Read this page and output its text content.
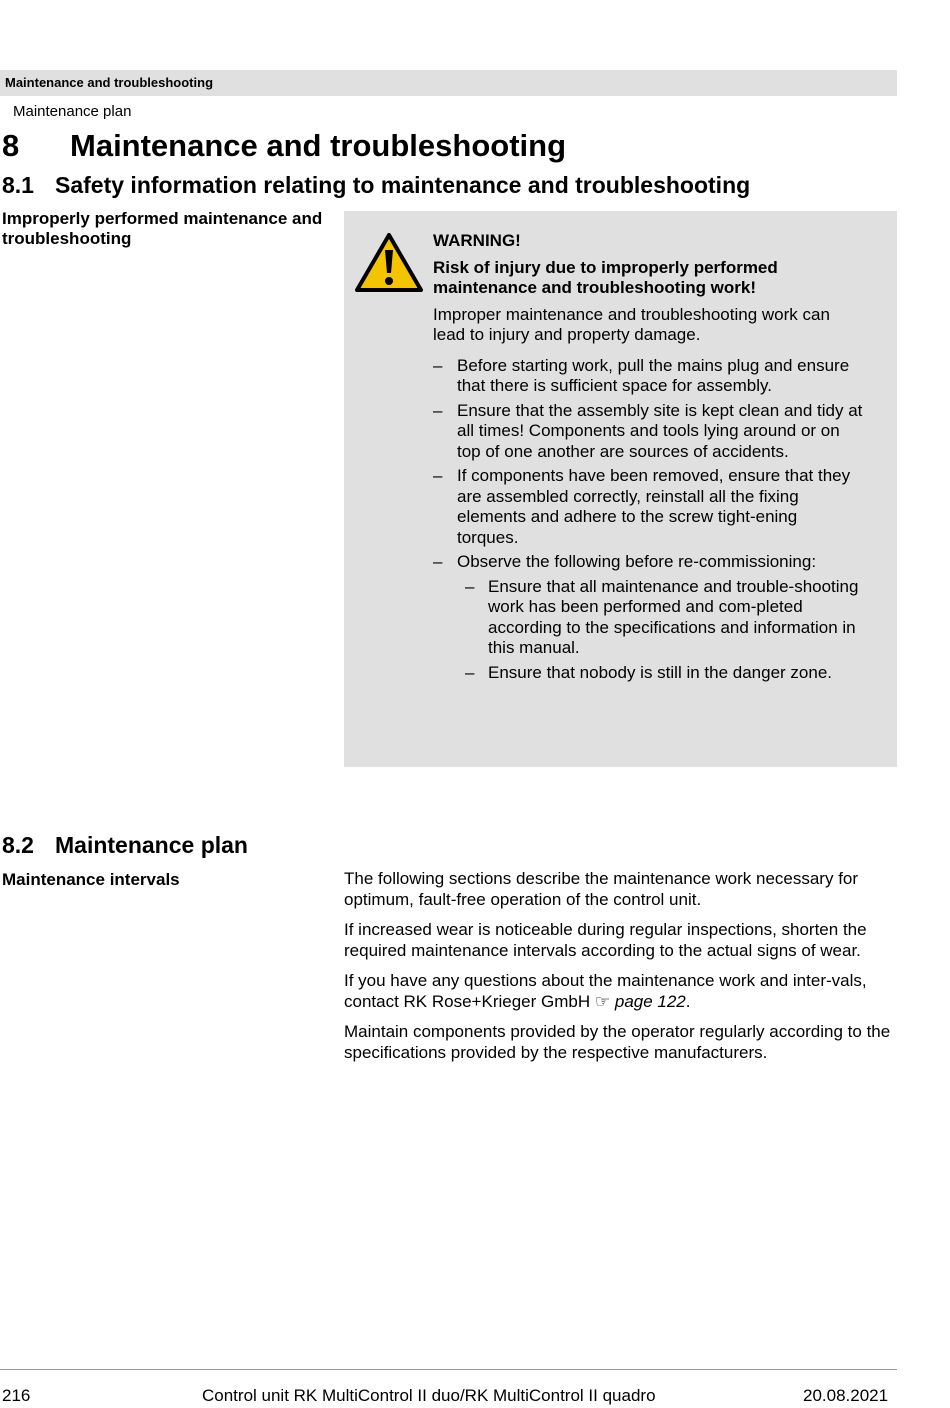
Maintenance and troubleshooting
Maintenance plan
8 Maintenance and troubleshooting
8.1 Safety information relating to maintenance and troubleshooting
Improperly performed maintenance and troubleshooting	WARNING!
Risk of injury due to improperly performed maintenance and troubleshooting work!
Improper maintenance and troubleshooting work can lead to injury and property damage.
– Before starting work, pull the mains plug and ensure that there is sufficient space for assembly.
– Ensure that the assembly site is kept clean and tidy at all times! Components and tools lying around or on top of one another are sources of accidents.
– If components have been removed, ensure that they are assembled correctly, reinstall all the fixing elements and adhere to the screw tight-ening torques.
– Observe the following before re-commissioning:
– Ensure that all maintenance and trouble-shooting work has been performed and com-pleted according to the specifications and information in this manual.
– Ensure that nobody is still in the danger zone.
8.2 Maintenance plan
Maintenance intervals	The following sections describe the maintenance work necessary for optimum, fault-free operation of the control unit.

If increased wear is noticeable during regular inspections, shorten the required maintenance intervals according to the actual signs of wear.

If you have any questions about the maintenance work and inter-vals, contact RK Rose+Krieger GmbH ☞ page 122.

Maintain components provided by the operator regularly according to the specifications provided by the respective manufacturers.

216	Control unit RK MultiControl II duo/RK MultiControl II quadro	20.08.2021
